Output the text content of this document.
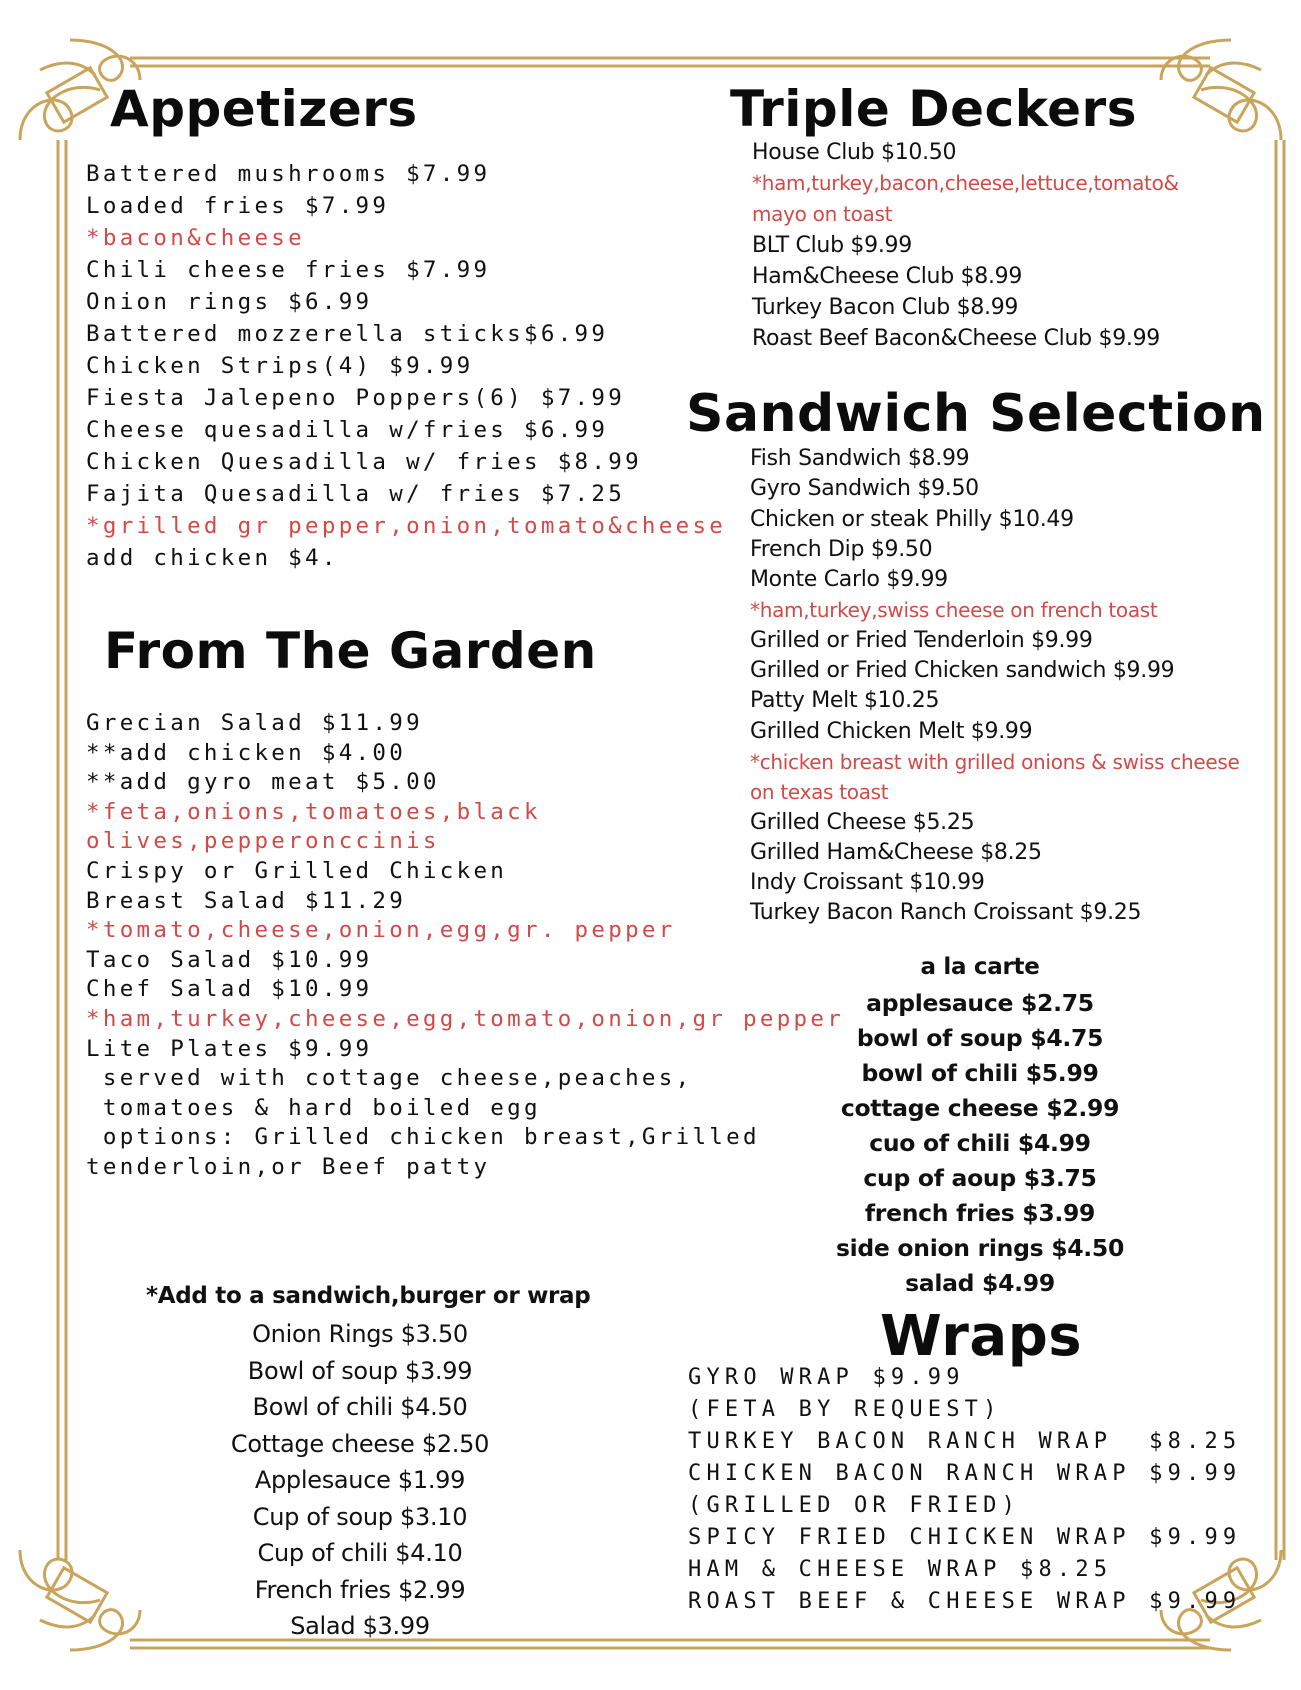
Appetizers
Battered mushrooms $7.99
Loaded fries $7.99
*bacon&cheese
Chili cheese fries $7.99
Onion rings $6.99
Battered mozzerella sticks$6.99
Chicken Strips(4) $9.99
Fiesta Jalepeno Poppers(6) $7.99
Cheese quesadilla w/fries $6.99
Chicken Quesadilla w/ fries $8.99
Fajita Quesadilla w/ fries $7.25
*grilled gr pepper,onion,tomato&cheese
add chicken $4.
From The Garden
Grecian Salad $11.99
**add chicken $4.00
**add gyro meat $5.00
*feta,onions,tomatoes,black
olives,pepperonccinis
Crispy or Grilled Chicken
Breast Salad $11.29
*tomato,cheese,onion,egg,gr. pepper
Taco Salad $10.99
Chef Salad $10.99
*ham,turkey,cheese,egg,tomato,onion,gr pepper
Lite Plates $9.99
served with cottage cheese,peaches,
tomatoes & hard boiled egg
options: Grilled chicken breast,Grilled
tenderloin,or Beef patty
*Add to a sandwich,burger or wrap
Onion Rings $3.50
Bowl of soup $3.99
Bowl of chili $4.50
Cottage cheese $2.50
Applesauce $1.99
Cup of soup $3.10
Cup of chili $4.10
French fries $2.99
Salad $3.99
Triple Deckers
House Club $10.50
*ham,turkey,bacon,cheese,lettuce,tomato&
mayo on toast
BLT Club $9.99
Ham&Cheese Club $8.99
Turkey Bacon Club $8.99
Roast Beef Bacon&Cheese Club $9.99
Sandwich Selection
Fish Sandwich $8.99
Gyro Sandwich $9.50
Chicken or steak Philly $10.49
French Dip $9.50
Monte Carlo $9.99
*ham,turkey,swiss cheese on french toast
Grilled or Fried Tenderloin $9.99
Grilled or Fried Chicken sandwich $9.99
Patty Melt $10.25
Grilled Chicken Melt $9.99
*chicken breast with grilled onions & swiss cheese
on texas toast
Grilled Cheese $5.25
Grilled Ham&Cheese $8.25
Indy Croissant $10.99
Turkey Bacon Ranch Croissant $9.25
a la carte
applesauce $2.75
bowl of soup $4.75
bowl of chili $5.99
cottage cheese $2.99
cuo of chili $4.99
cup of aoup $3.75
french fries $3.99
side onion rings $4.50
salad $4.99
Wraps
GYRO WRAP $9.99
(FETA BY REQUEST)
TURKEY BACON RANCH WRAP  $8.25
CHICKEN BACON RANCH WRAP $9.99
(GRILLED OR FRIED)
SPICY FRIED CHICKEN WRAP $9.99
HAM & CHEESE WRAP $8.25
ROAST BEEF & CHEESE WRAP $9.99
